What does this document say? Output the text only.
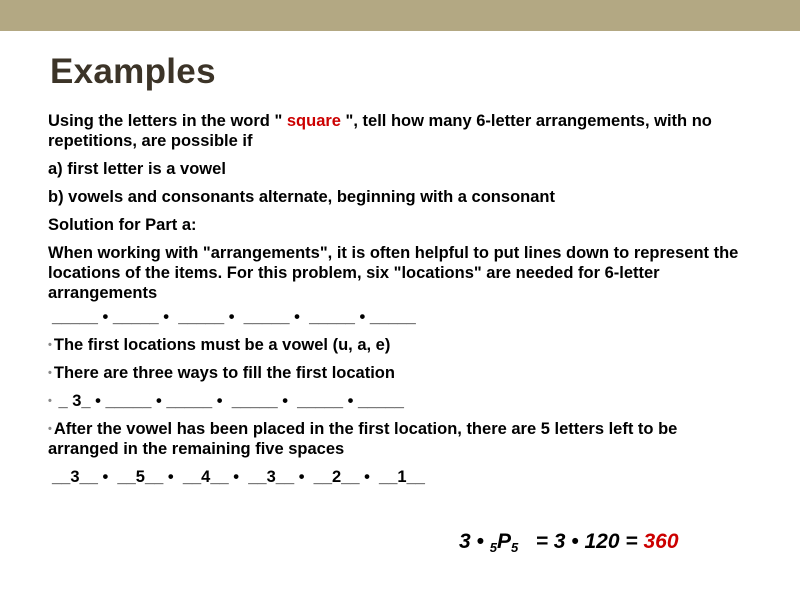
Examples

Using the letters in the word " square ", tell how many 6-letter arrangements, with no repetitions, are possible if

a) first letter is a vowel

b) vowels and consonants alternate, beginning with a consonant

Solution for Part a:

When working with "arrangements", it is often helpful to put lines down to represent the locations of the items. For this problem, six "locations" are needed for 6-letter arrangements

_____ • _____ •  _____ •  _____ •  _____ • _____

• The first locations must be a vowel (u, a, e)

• There are three ways to fill the first location

• _ 3_ • _____ • _____ •  _____ •  _____ • _____

• After the vowel has been placed in the first location, there are 5 letters left to be arranged in the remaining five spaces

__3__ •  __5__ •  __4__ •  __3__ •  __2__ •  __1__

3 • $_5P_5 = 3$ • 120 = 360
